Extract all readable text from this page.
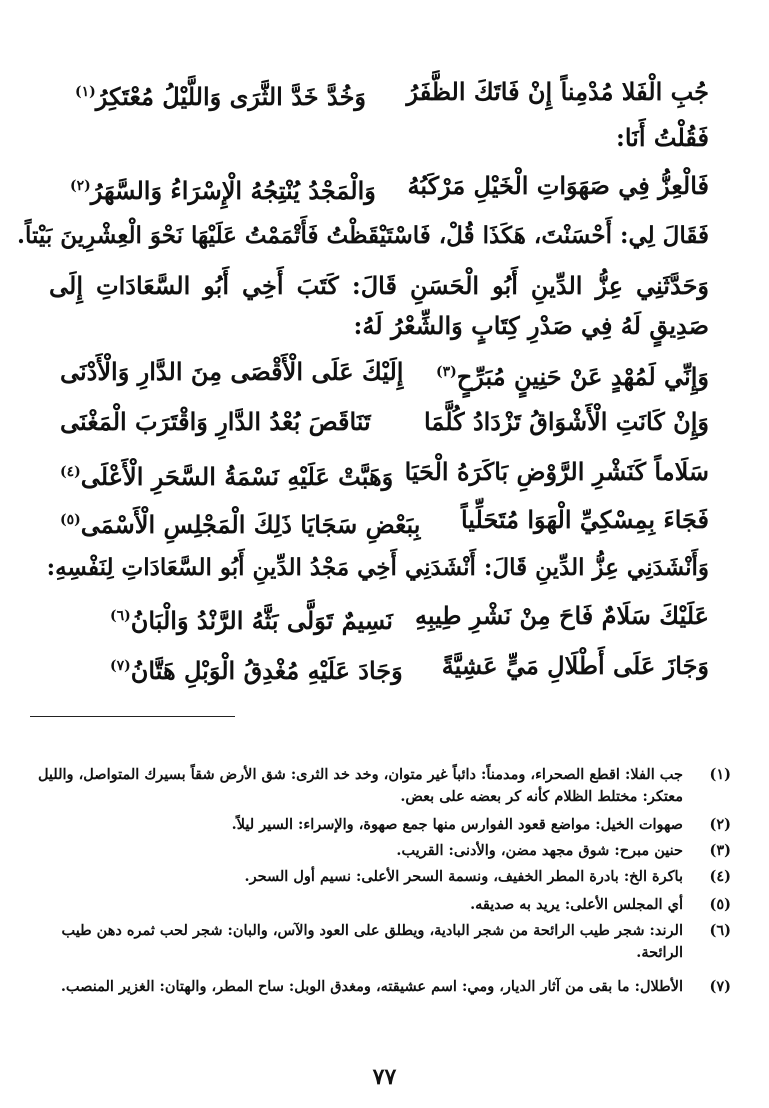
جُبِ الْفَلا مُدْمِناً إِنْ فَاتَكَ الظَّفَرُ
وَخُدَّ خَدَّ الثَّرَى وَاللَّيْلُ مُعْتَكِرُ$^{(١)}$
فَقُلْتُ أَنَا:
فَالْعِزُّ فِي صَهَوَاتِ الْخَيْلِ مَرْكَبُهُ
وَالْمَجْدُ يُنْتِجُهُ الْإِسْرَاءُ وَالسَّهَرُ$^{(٢)}$
فَقَالَ لِي: أَحْسَنْتَ، هَكَذَا قُلْ، فَاسْتَيْقَظْتُ فَأَتْمَمْتُ عَلَيْهَا نَحْوَ الْعِشْرِينَ بَيْتاً.
وَحَدَّثَنِي عِزُّ الدِّينِ أَبُو الْحَسَنِ قَالَ: كَتَبَ أَخِي أَبُو السَّعَادَاتِ إِلَى صَدِيقٍ لَهُ فِي صَدْرِ كِتَابٍ وَالشِّعْرُ لَهُ:
وَإِنِّي لَمُهْدٍ عَنْ حَنِينٍ مُبَرِّحٍ$^{(٣)}$
إِلَيْكَ عَلَى الْأَقْصَى مِنَ الدَّارِ وَالْأَدْنَى
وَإِنْ كَانَتِ الْأَشْوَاقُ تَزْدَادُ كُلَّمَا
تَنَاقَصَ بُعْدُ الدَّارِ وَاقْتَرَبَ الْمَغْنَى
سَلَاماً كَنَشْرِ الرَّوْضِ بَاكَرَهُ الْحَيَا
وَهَبَّتْ عَلَيْهِ نَسْمَةُ السَّحَرِ الْأَعْلَى$^{(٤)}$
فَجَاءَ بِمِسْكِيِّ الْهَوَا مُتَحَلِّياً
بِبَعْضِ سَجَايَا ذَلِكَ الْمَجْلِسِ الْأَسْمَى$^{(٥)}$
وَأَنْشَدَنِي عِزُّ الدِّينِ قَالَ: أَنْشَدَنِي أَخِي مَجْدُ الدِّينِ أَبُو السَّعَادَاتِ لِنَفْسِهِ:
عَلَيْكَ سَلَامٌ فَاحَ مِنْ نَشْرِ طِيبِهِ
نَسِيمٌ تَوَلَّى بَثَّهُ الرَّنْدُ وَالْبَانُ$^{(٦)}$
وَجَازَ عَلَى أَطْلَالِ مَيٍّ عَشِيَّةً
وَجَادَ عَلَيْهِ مُغْدِقُ الْوَبْلِ هَتَّانُ$^{(٧)}$
(١)
جب الفلا: اقطع الصحراء، ومدمناً: دائباً غير متوان، وخد خد الثرى: شق الأرض شقاً بسيرك المتواصل، والليل معتكر: مختلط الظلام كأنه كر بعضه على بعض.
(٢)
صهوات الخيل: مواضع قعود الفوارس منها جمع صهوة، والإسراء: السير ليلاً.
(٣)
حنين مبرح: شوق مجهد مضن، والأدنى: القريب.
(٤)
باكرة الخ: بادرة المطر الخفيف، ونسمة السحر الأعلى: نسيم أول السحر.
(٥)
أي المجلس الأعلى: يريد به صديقه.
(٦)
الرند: شجر طيب الرائحة من شجر البادية، ويطلق على العود والآس، والبان: شجر لحب ثمره دهن طيب الرائحة.
(٧)
الأطلال: ما بقى من آثار الديار، ومي: اسم عشيقته، ومغدق الوبل: ساح المطر، والهتان: الغزير المنصب.
٧٧
